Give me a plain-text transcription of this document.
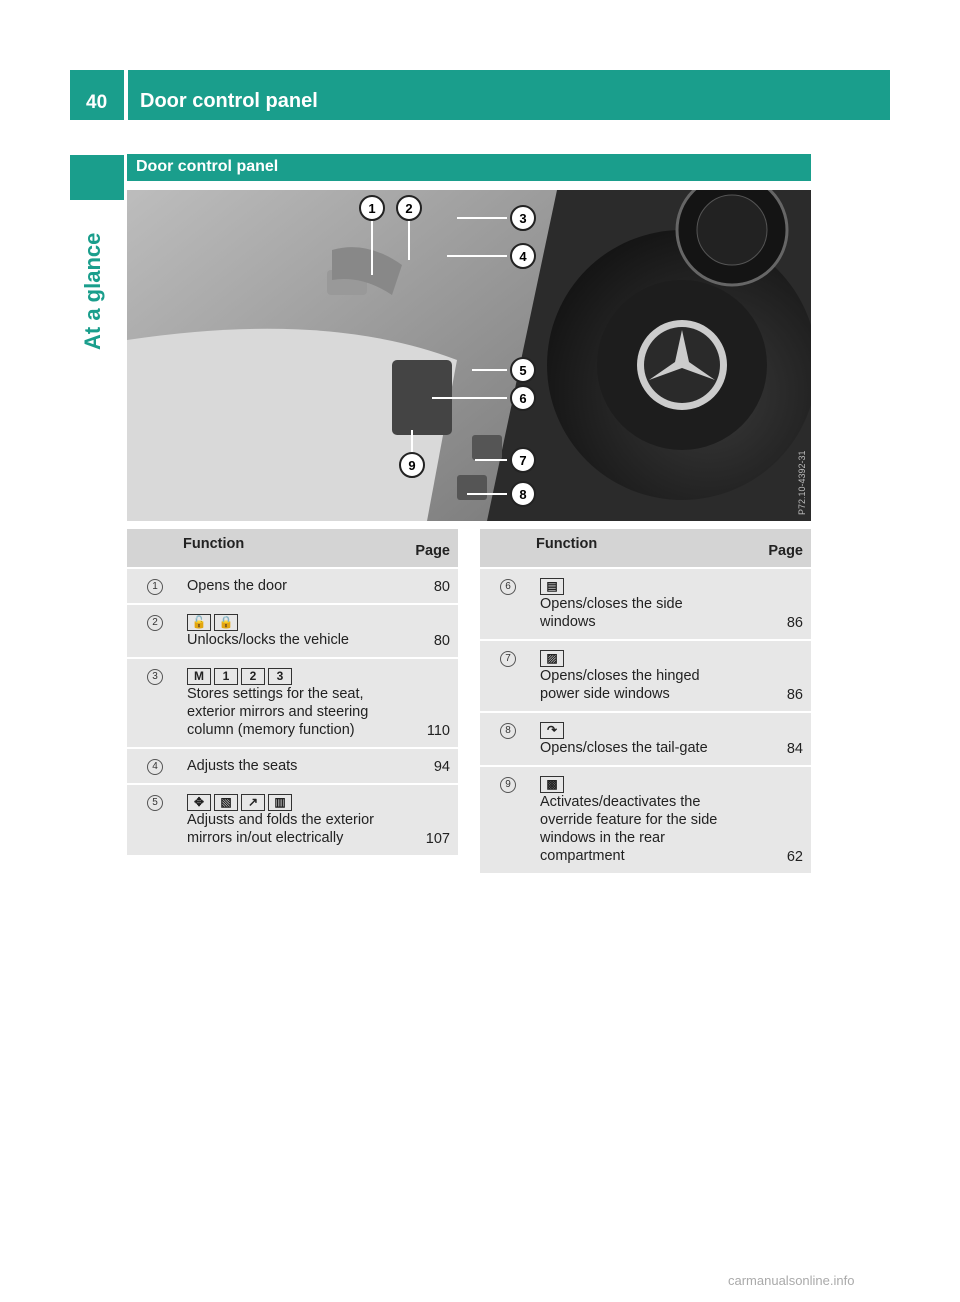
40 Door control panel
At a glance
Door control panel
1 2
3
4
5
6
7
8
9	P72.10-4392-31

	Function	Page

1	Opens the door	80
2	🔓 🔒
Unlocks/locks the vehicle	80
3	M 1 2 3
Stores settings for the seat, exterior mirrors and steering column (memory function)	110
4	Adjusts the seats	94
5	✥ ▧ ↗ ▥
Adjusts and folds the exterior mirrors in/out electrically	107

	Function	Page

6	▤
Opens/closes the side windows	86
7	▨
Opens/closes the hinged power side windows	86
8	↷
Opens/closes the tail-gate	84
9	▩
Activates/deactivates the override feature for the side windows in the rear compartment	62
carmanualsonline.info
